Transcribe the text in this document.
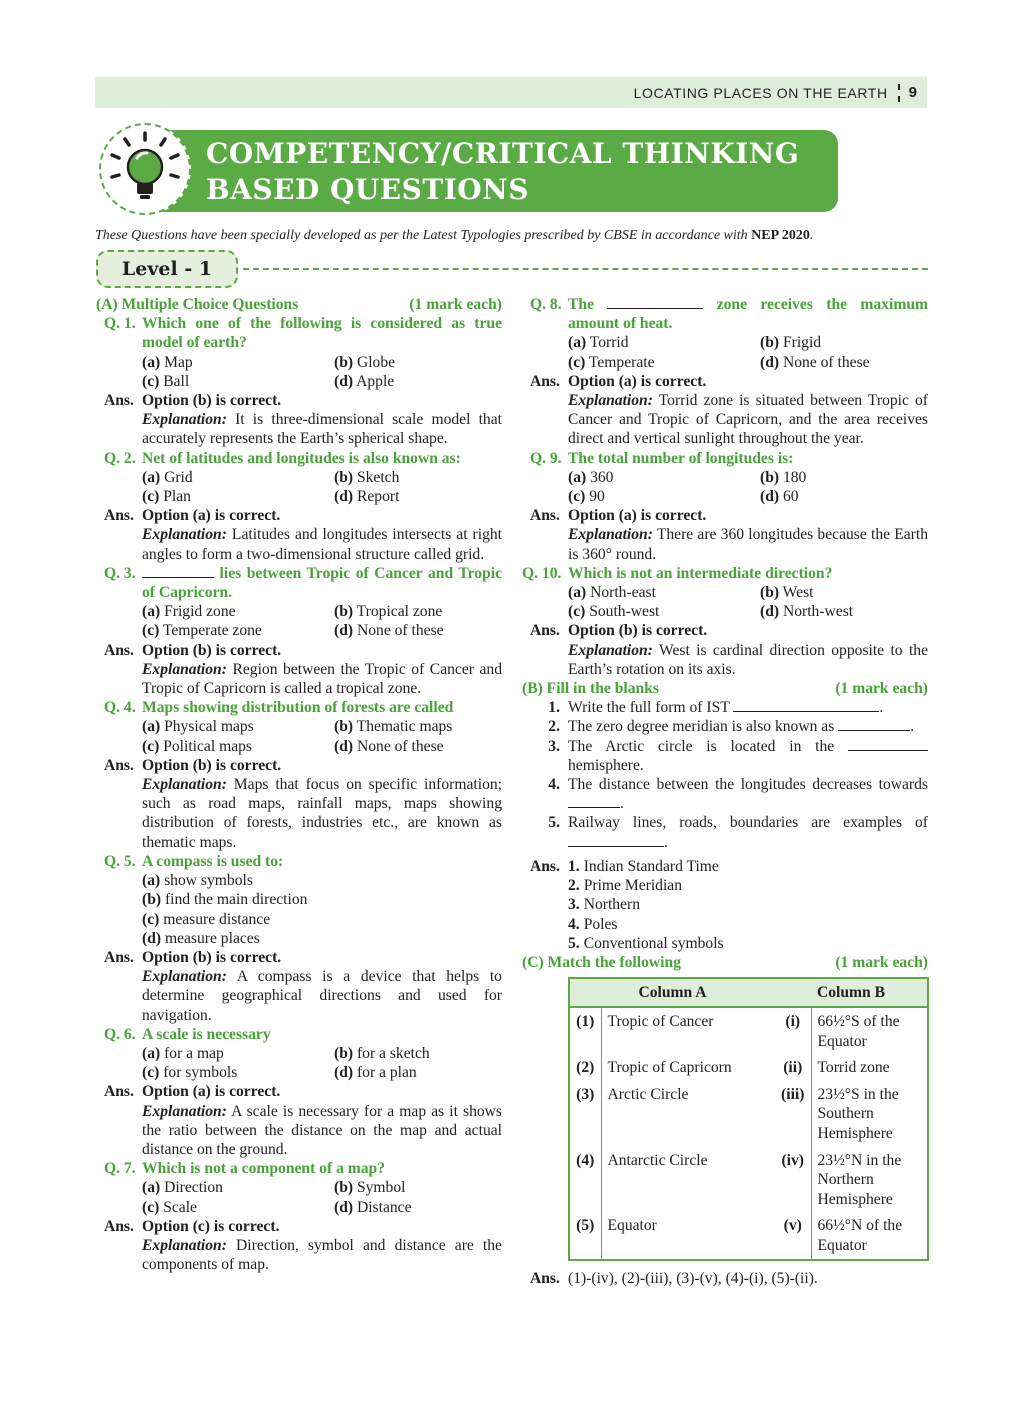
LOCATING PLACES ON THE EARTH 9
COMPETENCY/CRITICAL THINKING
BASED QUESTIONS
These Questions have been specially developed as per the Latest Typologies prescribed by CBSE in accordance with NEP 2020.
Level - 1
(A) Multiple Choice Questions	(1 mark each)
Q. 1. Which one of the following is considered as true model of earth?
(a) Map	(b) Globe
(c) Ball	(d) Apple
Ans. Option (b) is correct.
Explanation: It is three-dimensional scale model that accurately represents the Earth’s spherical shape.
Q. 2. Net of latitudes and longitudes is also known as:
(a) Grid	(b) Sketch
(c) Plan	(d) Report
Ans. Option (a) is correct.
Explanation: Latitudes and longitudes intersects at right angles to form a two-dimensional structure called grid.
Q. 3.	lies between Tropic of Cancer and Tropic of Capricorn.
(a) Frigid zone	(b) Tropical zone
(c) Temperate zone	(d) None of these
Ans. Option (b) is correct.
Explanation: Region between the Tropic of Cancer and Tropic of Capricorn is called a tropical zone.
Q. 4. Maps showing distribution of forests are called
(a) Physical maps	(b) Thematic maps
(c) Political maps	(d) None of these
Ans. Option (b) is correct.
Explanation: Maps that focus on specific information; such as road maps, rainfall maps, maps showing distribution of forests, industries etc., are known as thematic maps.
Q. 5. A compass is used to:
(a) show symbols
(b) find the main direction
(c) measure distance
(d) measure places
Ans. Option (b) is correct.
Explanation: A compass is a device that helps to determine geographical directions and used for navigation.
Q. 6. A scale is necessary
(a) for a map	(b) for a sketch
(c) for symbols	(d) for a plan
Ans. Option (a) is correct.
Explanation: A scale is necessary for a map as it shows the ratio between the distance on the map and actual distance on the ground.
Q. 7. Which is not a component of a map?
(a) Direction	(b) Symbol
(c) Scale	(d) Distance
Ans. Option (c) is correct.
Explanation: Direction, symbol and distance are the components of map.
Q. 8. The	zone receives the maximum amount of heat.
(a) Torrid	(b) Frigid
(c) Temperate	(d) None of these
Ans. Option (a) is correct.
Explanation: Torrid zone is situated between Tropic of Cancer and Tropic of Capricorn, and the area receives direct and vertical sunlight throughout the year.
Q. 9. The total number of longitudes is:
(a) 360	(b) 180
(c) 90	(d) 60
Ans. Option (a) is correct.
Explanation: There are 360 longitudes because the Earth is 360° round.
Q. 10. Which is not an intermediate direction?
(a) North-east	(b) West
(c) South-west	(d) North-west
Ans. Option (b) is correct.
Explanation: West is cardinal direction opposite to the Earth’s rotation on its axis.
(B) Fill in the blanks	(1 mark each)
1. Write the full form of IST	.
2. The zero degree meridian is also known as	.
3. The Arctic circle is located in the  hemisphere.
4. The distance between the longitudes decreases towards .
5. Railway lines, roads, boundaries are examples of .
Ans. 1. Indian Standard Time
2. Prime Meridian
3. Northern
4. Poles
5. Conventional symbols
(C) Match the following	(1 mark each)
Column A		Column B	
(1)	Tropic of Cancer	(i)	66½°S of the Equator
(2)	Tropic of Capricorn	(ii)	Torrid zone
(3)	Arctic Circle	(iii)	23½°S in the Southern Hemisphere
(4)	Antarctic Circle	(iv)	23½°N in the Northern Hemisphere
(5)	Equator	(v)	66½°N of the Equator
Ans. (1)-(iv), (2)-(iii), (3)-(v), (4)-(i), (5)-(ii).
